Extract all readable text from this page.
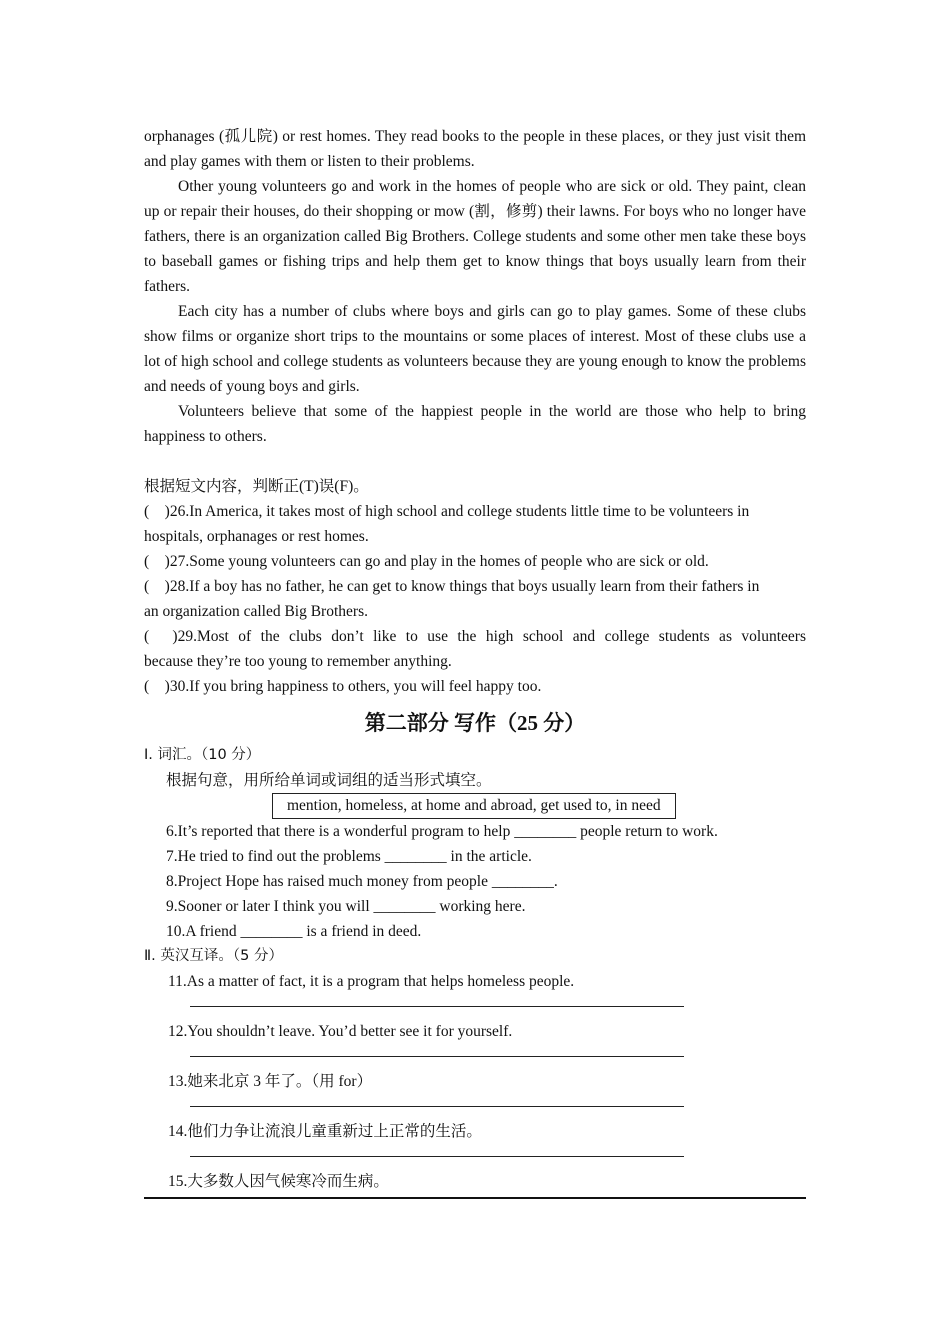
orphanages (孤儿院) or rest homes. They read books to the people in these places, or they just visit them and play games with them or listen to their problems.

Other young volunteers go and work in the homes of people who are sick or old. They paint, clean up or repair their houses, do their shopping or mow (割，修剪) their lawns. For boys who no longer have fathers, there is an organization called Big Brothers. College students and some other men take these boys to baseball games or fishing trips and help them get to know things that boys usually learn from their fathers.

Each city has a number of clubs where boys and girls can go to play games. Some of these clubs show films or organize short trips to the mountains or some places of interest. Most of these clubs use a lot of high school and college students as volunteers because they are young enough to know the problems and needs of young boys and girls.

Volunteers believe that some of the happiest people in the world are those who help to bring happiness to others.

根据短文内容，判断正(T)误(F)。

(    ) 26.In America, it takes most of high school and college students little time to be volunteers in
hospitals, orphanages or rest homes.
(    ) 27.Some young volunteers can go and play in the homes of people who are sick or old.
(    ) 28.If a boy has no father, he can get to know things that boys usually learn from their fathers in
an organization called Big Brothers.
(      ) 29.Most of the clubs don’t like to use the high school and college students as volunteers
because they’re too young to remember anything.
(    ) 30.If you bring happiness to others, you will feel happy too.
第二部分 写作（25 分）
Ⅰ. 词汇。（10 分）
根据句意，用所给单词或词组的适当形式填空。
mention, homeless, at home and abroad, get used to, in need
6.It’s reported that there is a wonderful program to help ________ people return to work.
7.He tried to find out the problems ________ in the article.
8.Project Hope has raised much money from people ________.
9.Sooner or later I think you will ________ working here.
10.A friend ________ is a friend in deed.
Ⅱ. 英汉互译。（5 分）
11.As a matter of fact, it is a program that helps homeless people.
12.You shouldn’t leave. You’d better see it for yourself.
13.她来北京 3 年了。（用 for）
14.他们力争让流浪儿童重新过上正常的生活。
15.大多数人因气候寒冷而生病。
